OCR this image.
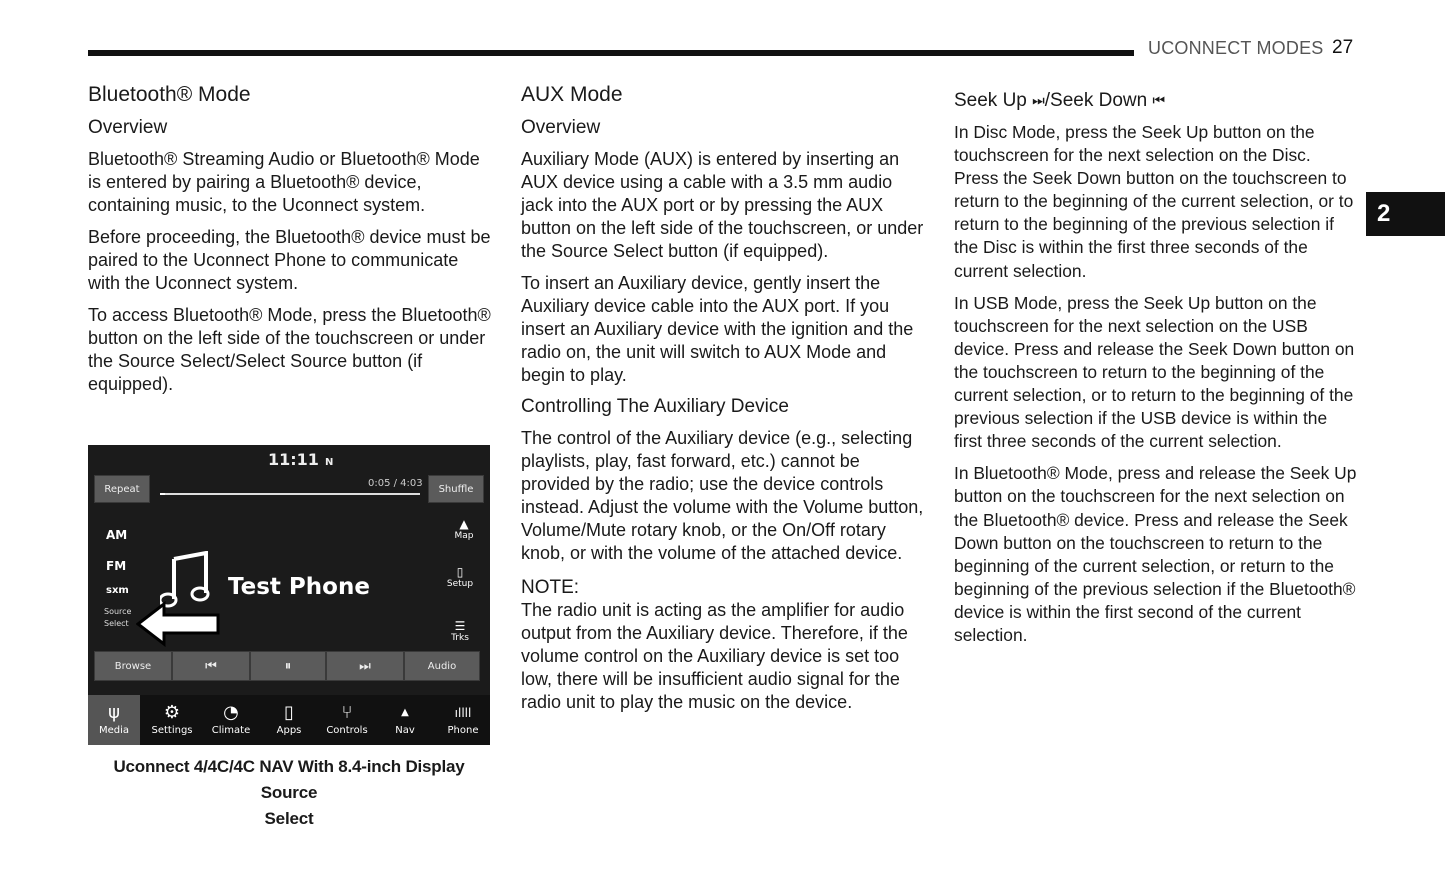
UCONNECT MODES 27
2
Bluetooth® Mode
Overview

Bluetooth® Streaming Audio or Bluetooth® Mode is entered by pairing a Bluetooth® device, containing music, to the Uconnect system.

Before proceeding, the Bluetooth® device must be paired to the Uconnect Phone to communicate with the Uconnect system.

To access Bluetooth® Mode, press the Bluetooth® button on the left side of the touchscreen or under the Source Select/Select Source button (if equipped).

11:11 N
Repeat	Shuffle
0:05 / 4:03
AM
FM
sxm
Source
Select
Test Phone
▲
Map
▯
Setup
☰
Trks
Browse	⏮	⏸	⏭	Audio
ψ
Media
⚙
Settings
◔
Climate
▯
Apps
⑂
Controls
▲
Nav
ıllll
Phone
Uconnect 4/4C/4C NAV With 8.4-inch Display Source
Select
AUX Mode
Overview

Auxiliary Mode (AUX) is entered by inserting an AUX device using a cable with a 3.5 mm audio jack into the AUX port or by pressing the AUX button on the left side of the touchscreen, or under the Source Select button (if equipped).

To insert an Auxiliary device, gently insert the Auxiliary device cable into the AUX port. If you insert an Auxiliary device with the ignition and the radio on, the unit will switch to AUX Mode and begin to play.

Controlling The Auxiliary Device

The control of the Auxiliary device (e.g., selecting playlists, play, fast forward, etc.) cannot be provided by the radio; use the device controls instead. Adjust the volume with the Volume button, Volume/Mute rotary knob, or the On/Off rotary knob, or with the volume of the attached device.

NOTE:

The radio unit is acting as the amplifier for audio output from the Auxiliary device. Therefore, if the volume control on the Auxiliary device is set too low, there will be insufficient audio signal for the radio unit to play the music on the device.

Seek Up ⏭/Seek Down ⏮

In Disc Mode, press the Seek Up button on the touchscreen for the next selection on the Disc. Press the Seek Down button on the touchscreen to return to the beginning of the current selection, or to return to the beginning of the previous selection if the Disc is within the first three seconds of the current selection.

In USB Mode, press the Seek Up button on the touchscreen for the next selection on the USB device. Press and release the Seek Down button on the touchscreen to return to the beginning of the current selection, or to return to the beginning of the previous selection if the USB device is within the first three seconds of the current selection.

In Bluetooth® Mode, press and release the Seek Up button on the touchscreen for the next selection on the Bluetooth® device. Press and release the Seek Down button on the touchscreen to return to the beginning of the current selection, or return to the beginning of the previous selection if the Bluetooth® device is within the first second of the current selection.
